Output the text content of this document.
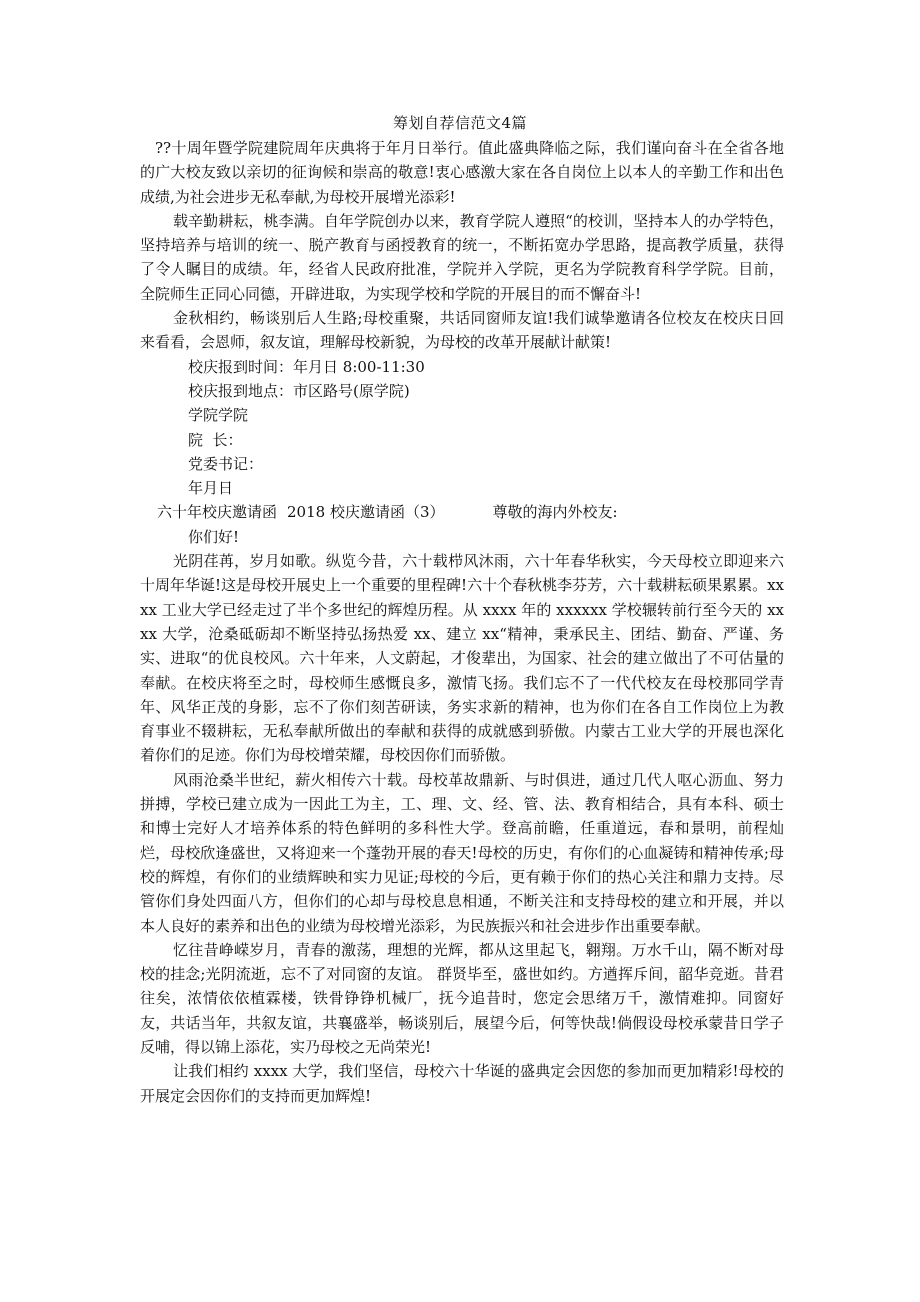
筹划自荐信范文4篇

??十周年暨学院建院周年庆典将于年月日举行。值此盛典降临之际，我们谨向奋斗在全省各地的广大校友致以亲切的征询候和崇高的敬意!衷心感激大家在各自岗位上以本人的辛勤工作和出色成绩,为社会进步无私奉献,为母校开展增光添彩!

载辛勤耕耘，桃李满。自年学院创办以来，教育学院人遵照“的校训，坚持本人的办学特色，坚持培养与培训的统一、脱产教育与函授教育的统一，不断拓宽办学思路，提高教学质量，获得了令人瞩目的成绩。年，经省人民政府批准，学院并入学院，更名为学院教育科学学院。目前，全院师生正同心同德，开辟进取，为实现学校和学院的开展目的而不懈奋斗!

金秋相约，畅谈别后人生路;母校重聚，共话同窗师友谊!我们诚挚邀请各位校友在校庆日回来看看，会恩师，叙友谊，理解母校新貌，为母校的改革开展献计献策!

校庆报到时间：年月日 8:00-11:30

校庆报到地点：市区路号(原学院)

学院学院

院  长：

党委书记：

年月日

六十年校庆邀请函 2018 校庆邀请函（3）	尊敬的海内外校友:

你们好!

光阴荏苒，岁月如歌。纵览今昔，六十载栉风沐雨，六十年春华秋实，今天母校立即迎来六十周年华诞!这是母校开展史上一个重要的里程碑!六十个春秋桃李芬芳，六十载耕耘硕果累累。xxxx 工业大学已经走过了半个多世纪的辉煌历程。从 xxxx 年的 xxxxxx 学校辗转前行至今天的 xxxx 大学，沧桑砥砺却不断坚持弘扬热爱 xx、建立 xx“精神，秉承民主、团结、勤奋、严谨、务实、进取“的优良校风。六十年来，人文蔚起，才俊辈出，为国家、社会的建立做出了不可估量的奉献。在校庆将至之时，母校师生感慨良多，激情飞扬。我们忘不了一代代校友在母校那同学青年、风华正茂的身影，忘不了你们刻苦研读，务实求新的精神，也为你们在各自工作岗位上为教育事业不辍耕耘，无私奉献所做出的奉献和获得的成就感到骄傲。内蒙古工业大学的开展也深化着你们的足迹。你们为母校增荣耀，母校因你们而骄傲。

风雨沧桑半世纪，薪火相传六十载。母校革故鼎新、与时俱进，通过几代人呕心沥血、努力拼搏，学校已建立成为一因此工为主，工、理、文、经、管、法、教育相结合，具有本科、硕士和博士完好人才培养体系的特色鲜明的多科性大学。登高前瞻，任重道远，春和景明，前程灿烂，母校欣逢盛世，又将迎来一个蓬勃开展的春天!母校的历史，有你们的心血凝铸和精神传承;母校的辉煌，有你们的业绩辉映和实力见证;母校的今后，更有赖于你们的热心关注和鼎力支持。尽管你们身处四面八方，但你们的心却与母校息息相通，不断关注和支持母校的建立和开展，并以本人良好的素养和出色的业绩为母校增光添彩，为民族振兴和社会进步作出重要奉献。

忆往昔峥嵘岁月，青春的激荡，理想的光辉，都从这里起飞，翱翔。万水千山，隔不断对母校的挂念;光阴流逝，忘不了对同窗的友谊。 群贤毕至，盛世如约。方遒挥斥间，韶华竞逝。昔君往矣，浓情依依植霖楼，铁骨铮铮机械厂，抚今追昔时，您定会思绪万千，激情难抑。同窗好友，共话当年，共叙友谊，共襄盛举，畅谈别后，展望今后，何等快哉!倘假设母校承蒙昔日学子反哺，得以锦上添花，实乃母校之无尚荣光!

让我们相约 xxxx 大学，我们坚信，母校六十华诞的盛典定会因您的参加而更加精彩!母校的开展定会因你们的支持而更加辉煌!
